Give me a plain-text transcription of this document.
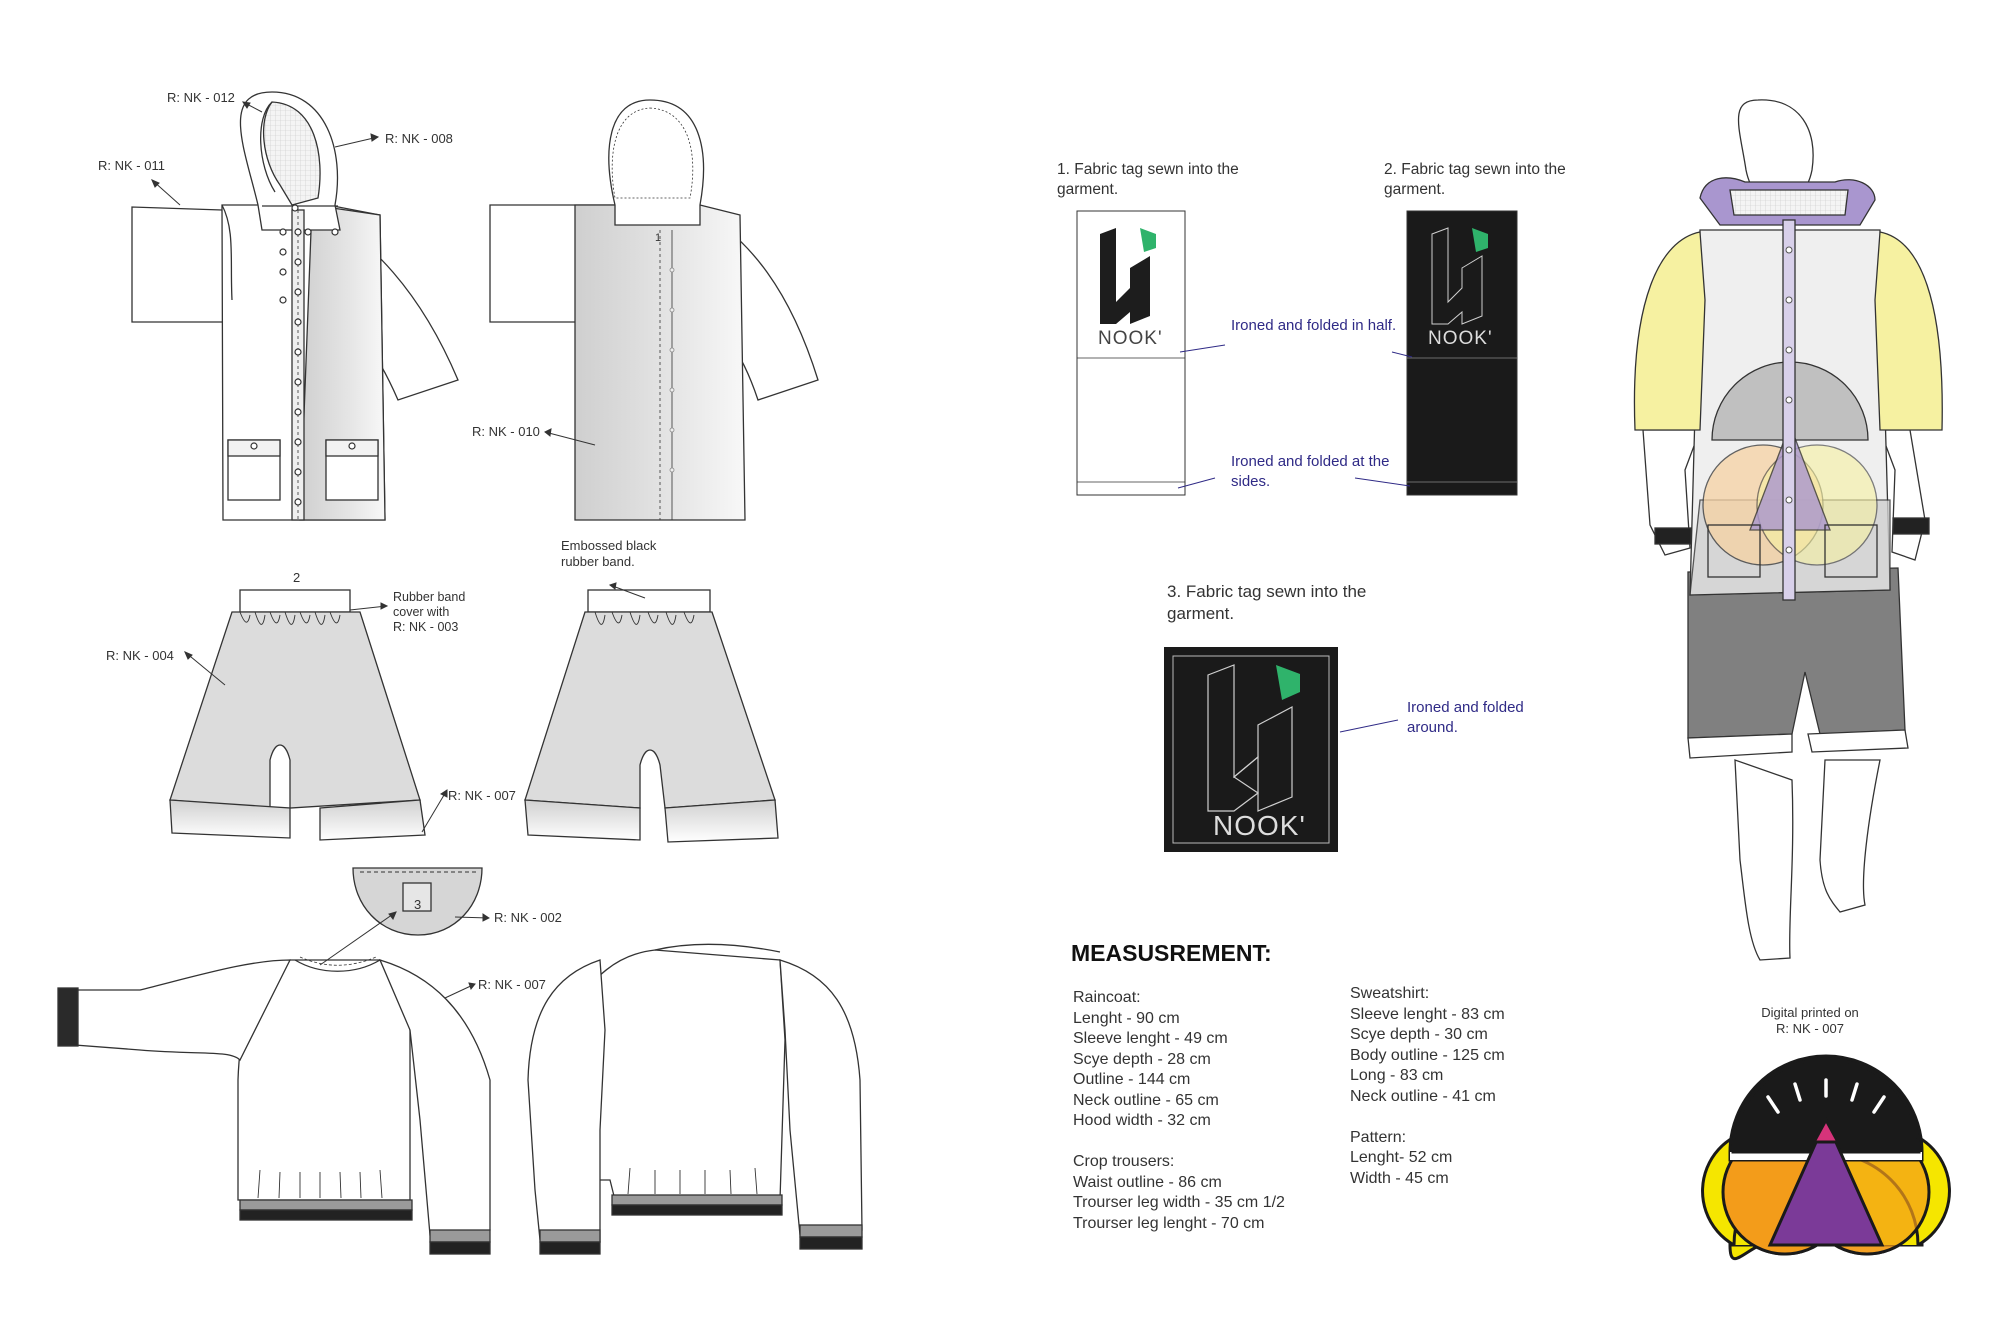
R: NK - 012
R: NK - 008
R: NK - 011
1
R: NK - 010
Embossed black
rubber band.
2
Rubber band
cover with
R: NK - 003
R: NK - 004
R: NK - 007
3
R: NK - 002
R: NK - 007
1. Fabric tag sewn into the garment.
2. Fabric tag sewn into the garment.
3. Fabric tag sewn into the garment.
NOOK'	NOOK'
NOOK'
Ironed and folded in half.
Ironed and folded at the sides.
Ironed and folded around.
MEASUSREMENT:
Raincoat:
Lenght - 90 cm
Sleeve lenght - 49 cm
Scye depth - 28 cm
Outline - 144 cm
Neck outline - 65 cm
Hood width - 32 cm
Crop trousers:
Waist outline - 86 cm
Trourser leg width - 35 cm 1/2
Trourser leg lenght - 70 cm
Sweatshirt:
Sleeve lenght - 83 cm
Scye depth - 30 cm
Body outline - 125 cm
Long - 83 cm
Neck outline - 41 cm
Pattern:
Lenght- 52 cm
Width - 45 cm
Digital printed on
R: NK - 007
